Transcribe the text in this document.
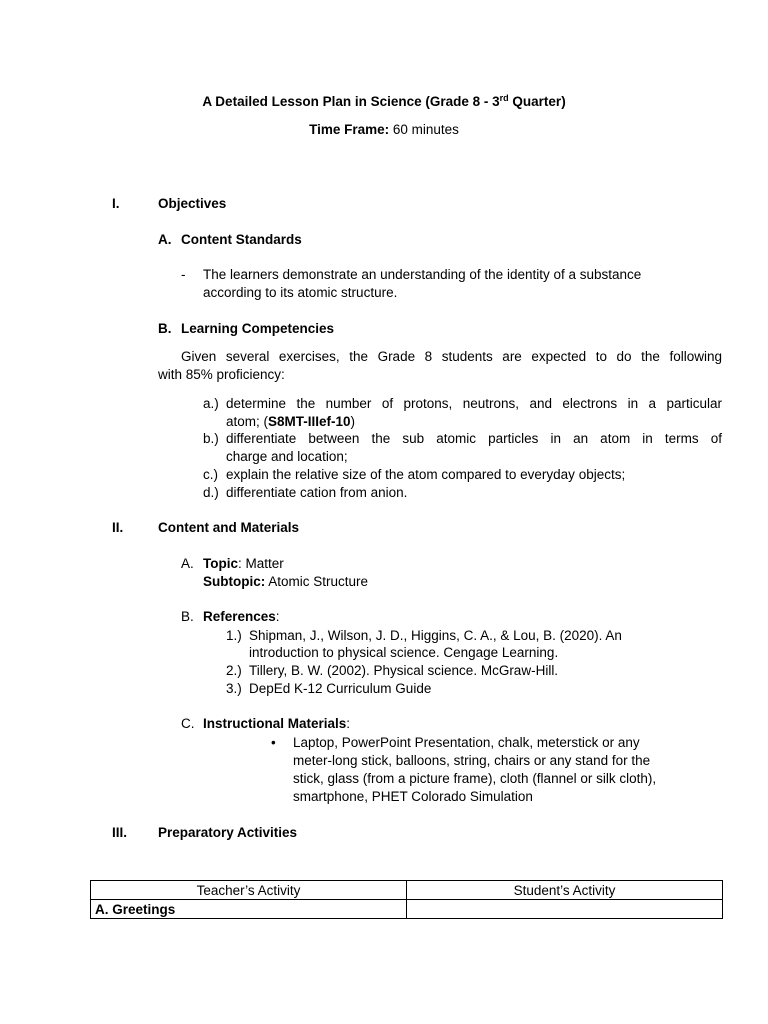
A Detailed Lesson Plan in Science (Grade 8 - 3rd Quarter)
Time Frame: 60 minutes
I.	Objectives
A. Content Standards
- The learners demonstrate an understanding of the identity of a substance
according to its atomic structure.
B. Learning Competencies
Given several exercises, the Grade 8 students are expected to do the following
with 85% proficiency:
a.) determine the number of protons, neutrons, and electrons in a particular
atom; (S8MT-IIIef-10)
b.) differentiate between the sub atomic particles in an atom in terms of
charge and location;
c.) explain the relative size of the atom compared to everyday objects;
d.) differentiate cation from anion.
II.	Content and Materials
A. Topic: Matter
Subtopic: Atomic Structure
B. References:
1.) Shipman, J., Wilson, J. D., Higgins, C. A., & Lou, B. (2020). An
introduction to physical science. Cengage Learning.
2.) Tillery, B. W. (2002). Physical science. McGraw-Hill.
3.) DepEd K-12 Curriculum Guide
C. Instructional Materials:
• Laptop, PowerPoint Presentation, chalk, meterstick or any
meter-long stick, balloons, string, chairs or any stand for the
stick, glass (from a picture frame), cloth (flannel or silk cloth),
smartphone, PHET Colorado Simulation
III. Preparatory Activities
Teacher’s Activity	Student’s Activity
A. Greetings	
